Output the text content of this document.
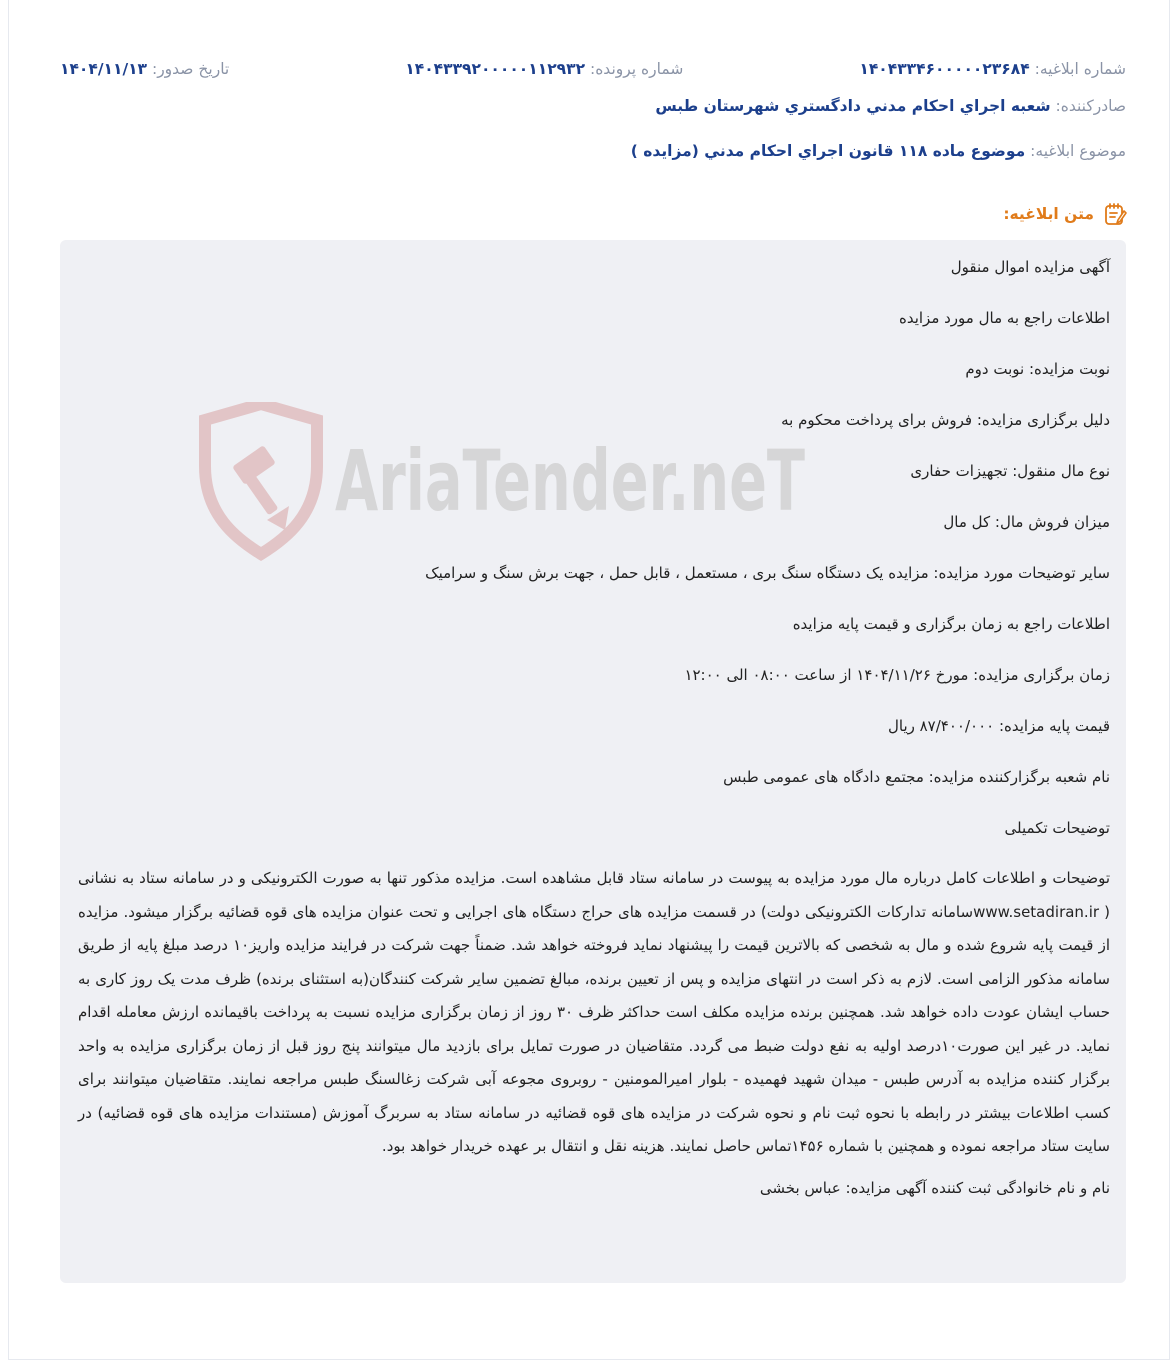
شماره ابلاغیه: ۱۴۰۴۳۳۴۶۰۰۰۰۰۲۳۶۸۴
شماره پرونده: ۱۴۰۴۳۳۹۲۰۰۰۰۰۱۱۲۹۳۲
تاریخ صدور: ۱۴۰۴/۱۱/۱۳
صادرکننده: شعبه اجراي احكام مدني دادگستري شهرستان طبس
موضوع ابلاغیه: موضوع ماده ۱۱۸ قانون اجراي احكام مدني (مزايده )
متن ابلاغیه:
AriaTender.neT
آگهی مزایده اموال منقول
اطلاعات راجع به مال مورد مزایده
نوبت مزایده: نوبت دوم
دلیل برگزاری مزایده: فروش برای پرداخت محکوم به
نوع مال منقول: تجهیزات حفاری
میزان فروش مال: کل مال
سایر توضیحات مورد مزایده: مزایده یک دستگاه سنگ بری ، مستعمل ، قابل حمل ، جهت برش سنگ و سرامیک
اطلاعات راجع به زمان برگزاری و قیمت پایه مزایده
زمان برگزاری مزایده: مورخ ۱۴۰۴/۱۱/۲۶ از ساعت ۰۸:۰۰ الی ۱۲:۰۰
قیمت پایه مزایده: ۸۷/۴۰۰/۰۰۰ ریال
نام شعبه برگزارکننده مزایده: مجتمع دادگاه های عمومی طبس
توضیحات تکمیلی
توضیحات و اطلاعات کامل درباره مال مورد مزایده به پیوست در سامانه ستاد قابل مشاهده است. مزایده مذکور تنها به صورت الکترونیکی و در سامانه ستاد به نشانی ( www.setadiran.irسامانه تدارکات الکترونیکی دولت) در قسمت مزایده های حراج دستگاه های اجرایی و تحت عنوان مزایده های قوه قضائیه برگزار میشود. مزایده از قیمت پایه شروع شده و مال به شخصی که بالاترین قیمت را پیشنهاد نماید فروخته خواهد شد. ضمناً جهت شرکت در فرایند مزایده واریز۱۰ درصد مبلغ پایه از طریق سامانه مذکور الزامی است. لازم به ذکر است در انتهای مزایده و پس از تعیین برنده، مبالغ تضمین سایر شرکت کنندگان(به استثنای برنده) ظرف مدت یک روز کاری به حساب ایشان عودت داده خواهد شد. همچنین برنده مزایده مکلف است حداکثر ظرف ۳۰ روز از زمان برگزاری مزایده نسبت به پرداخت باقیمانده ارزش معامله اقدام نماید. در غیر این صورت۱۰درصد اولیه به نفع دولت ضبط می گردد. متقاضیان در صورت تمایل برای بازدید مال میتوانند پنج روز قبل از زمان برگزاری مزایده به واحد برگزار کننده مزایده به آدرس طبس - میدان شهید فهمیده - بلوار امیرالمومنین - روبروی مجوعه آبی شرکت زغالسنگ طبس مراجعه نمایند. متقاضیان میتوانند برای کسب اطلاعات بیشتر در رابطه با نحوه ثبت نام و نحوه شرکت در مزایده های قوه قضائیه در سامانه ستاد به سربرگ آموزش (مستندات مزایده های قوه قضائیه) در سایت ستاد مراجعه نموده و همچنین با شماره ۱۴۵۶تماس حاصل نمایند. هزینه نقل و انتقال بر عهده خریدار خواهد بود.
نام و نام خانوادگی ثبت کننده آگهی مزایده: عباس بخشی
